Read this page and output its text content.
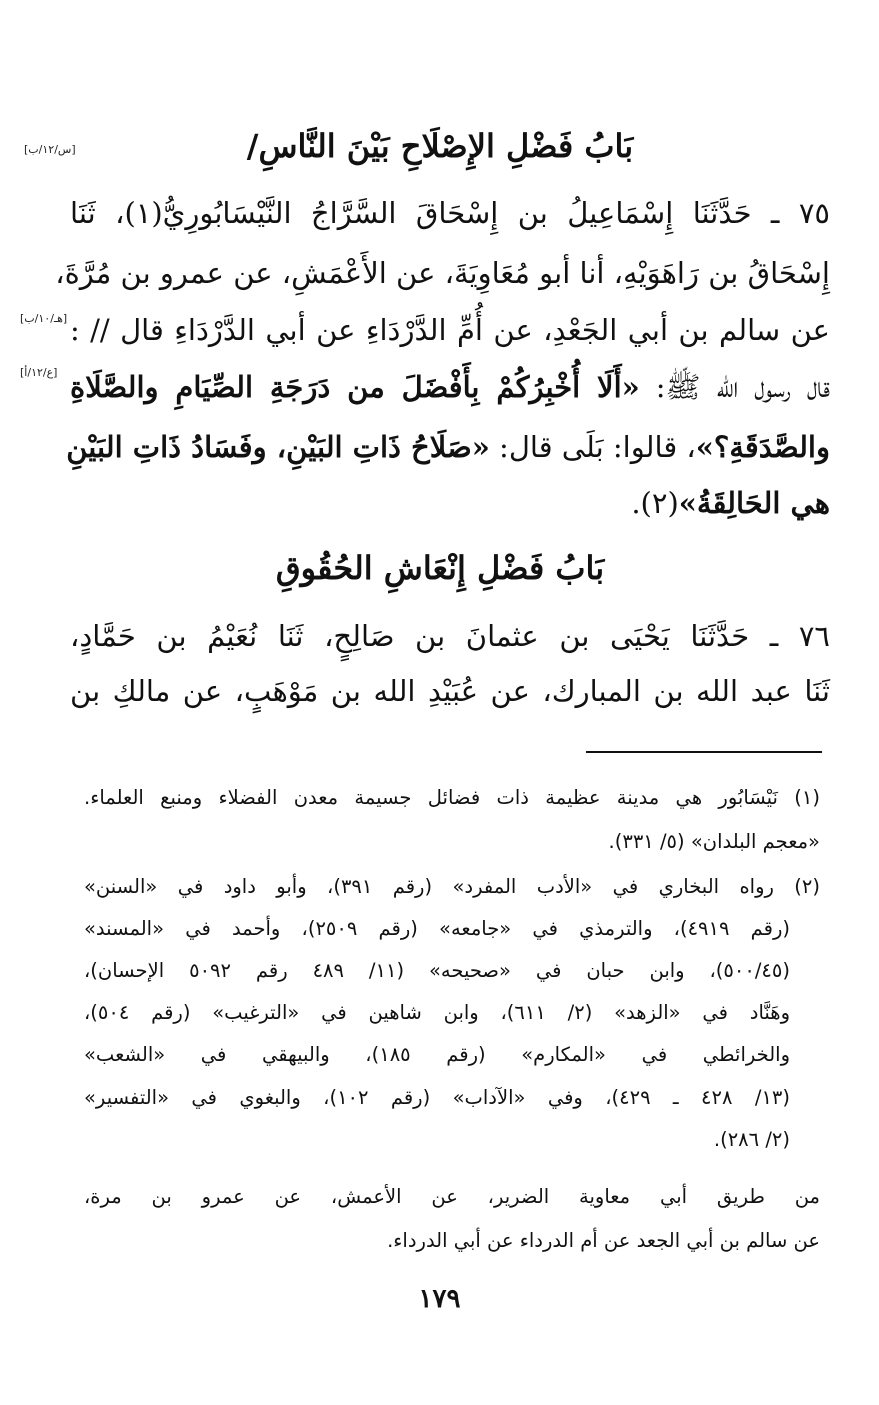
بَابُ فَضْلِ الإِصْلَاحِ بَيْنَ النَّاسِ/
[س/١٢/ب]
٧٥ ـ حَدَّثَنَا إِسْمَاعِيلُ بن إِسْحَاقَ السَّرَّاجُ النَّيْسَابُورِيُّ(١)، ثَنَا
إِسْحَاقُ بن رَاهَوَيْهِ، أنا أبو مُعَاوِيَةَ، عن الأَعْمَشِ، عن عمرو بن مُرَّةَ،
عن سالم بن أبي الجَعْدِ، عن أُمِّ الدَّرْدَاءِ عن أبي الدَّرْدَاءِ قال // :
[هـ/١٠/ب]
قال رسول الله ﷺ: «أَلَا أُخْبِرُكُمْ بِأَفْضَلَ من دَرَجَةِ الصِّيَامِ والصَّلَاةِ
[ع/١٢/أ]
والصَّدَقَةِ؟»، قالوا: بَلَى قال: «صَلَاحُ ذَاتِ البَيْنِ، وفَسَادُ ذَاتِ البَيْنِ
هي الحَالِقَةُ»(٢).
بَابُ فَضْلِ إِنْعَاشِ الحُقُوقِ
٧٦ ـ حَدَّثَنَا يَحْيَى بن عثمانَ بن صَالِحٍ، ثَنَا نُعَيْمُ بن حَمَّادٍ،
ثَنَا عبد الله بن المبارك، عن عُبَيْدِ الله بن مَوْهَبٍ، عن مالكِ بن
(١) نَيْسَابُور هي مدينة عظيمة ذات فضائل جسيمة معدن الفضلاء ومنبع العلماء.
«معجم البلدان» (٥/ ٣٣١).
(٢) رواه البخاري في «الأدب المفرد» (رقم ٣٩١)، وأبو داود في «السنن»
(رقم ٤٩١٩)، والترمذي في «جامعه» (رقم ٢٥٠٩)، وأحمد في «المسند»
(٥٠٠/٤٥)، وابن حبان في «صحيحه» (١١/ ٤٨٩ رقم ٥٠٩٢ الإحسان)،
وهَنَّاد في «الزهد» (٢/ ٦١١)، وابن شاهين في «الترغيب» (رقم ٥٠٤)،
والخرائطي في «المكارم» (رقم ١٨٥)، والبيهقي في «الشعب»
(١٣/ ٤٢٨ ـ ٤٢٩)، وفي «الآداب» (رقم ١٠٢)، والبغوي في «التفسير»
(٢/ ٢٨٦).
من طريق أبي معاوية الضرير، عن الأعمش، عن عمرو بن مرة،
عن سالم بن أبي الجعد عن أم الدرداء عن أبي الدرداء.
١٧٩
